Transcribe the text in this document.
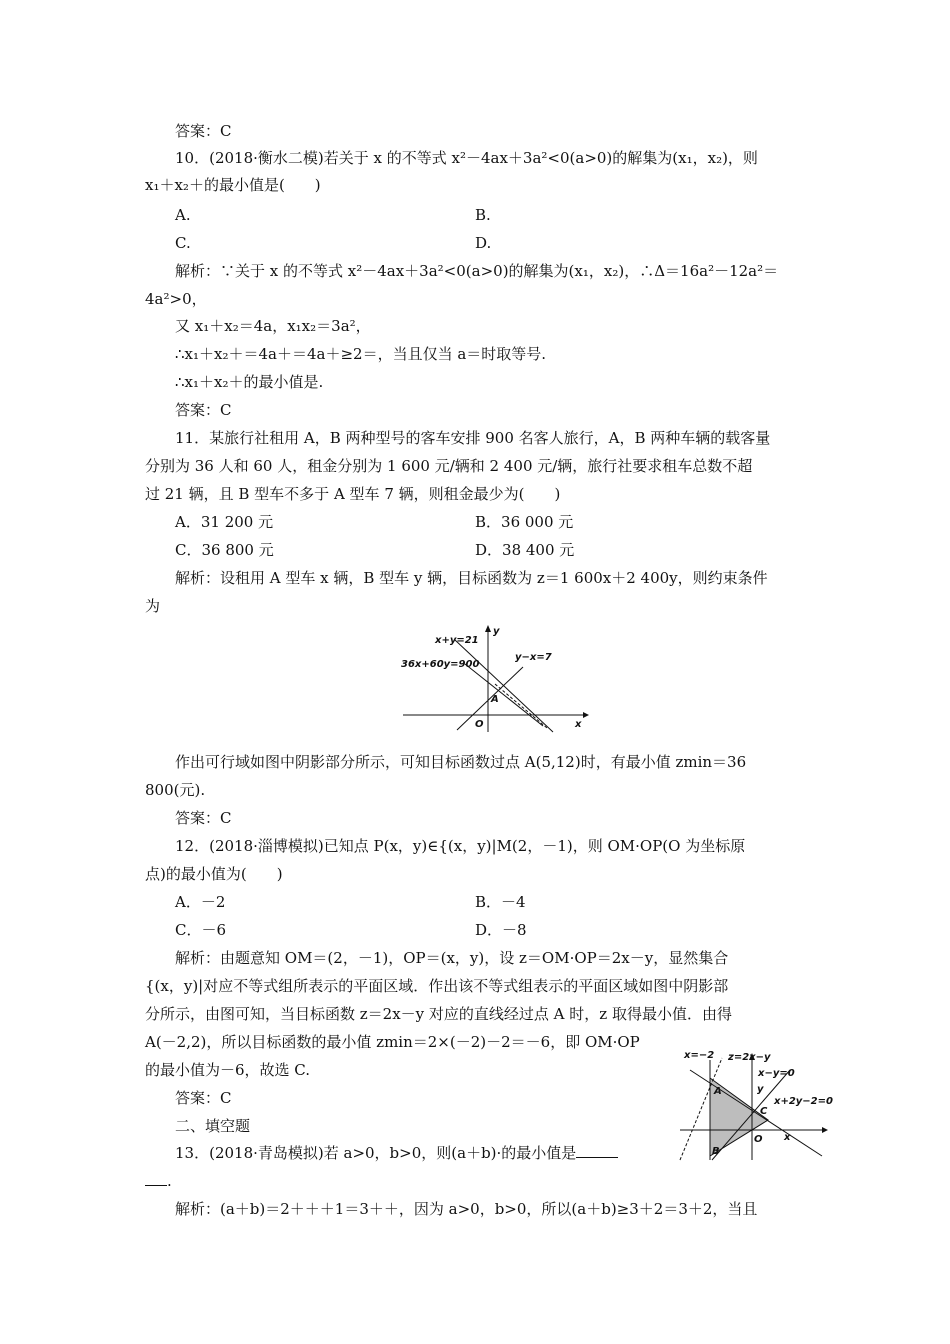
答案：C
10．(2018·衡水二模)若关于 x 的不等式 x²－4ax＋3a²<0(a>0)的解集为(x₁，x₂)，则
x₁＋x₂＋的最小值是(　　)
A.	B.
C.	D.
解析：∵关于 x 的不等式 x²－4ax＋3a²<0(a>0)的解集为(x₁，x₂)，∴Δ＝16a²－12a²＝
4a²>0，
又 x₁＋x₂＝4a，x₁x₂＝3a²，
∴x₁＋x₂＋＝4a＋＝4a＋≥2＝，当且仅当 a＝时取等号.
∴x₁＋x₂＋的最小值是.
答案：C
11．某旅行社租用 A，B 两种型号的客车安排 900 名客人旅行，A，B 两种车辆的载客量
分别为 36 人和 60 人，租金分别为 1 600 元/辆和 2 400 元/辆，旅行社要求租车总数不超
过 21 辆，且 B 型车不多于 A 型车 7 辆，则租金最少为(　　)
A．31 200 元	B．36 000 元
C．36 800 元	D．38 400 元
解析：设租用 A 型车 x 辆，B 型车 y 辆，目标函数为 z＝1 600x＋2 400y，则约束条件
为
x+y=21
36x+60y=900
y−x=7
A
O	x
y
作出可行域如图中阴影部分所示，可知目标函数过点 A(5,12)时，有最小值 zmin＝36
800(元).
答案：C
12．(2018·淄博模拟)已知点 P(x，y)∈{(x，y)|M(2，－1)，则 OM·OP(O 为坐标原
点)的最小值为(　　)
A．－2	B．－4
C．－6	D．－8
解析：由题意知 OM＝(2，－1)，OP＝(x，y)，设 z＝OM·OP＝2x－y，显然集合
{(x，y)|对应不等式组所表示的平面区域．作出该不等式组表示的平面区域如图中阴影部
分所示，由图可知，当目标函数 z＝2x－y 对应的直线经过点 A 时，z 取得最小值．由得
A(－2,2)，所以目标函数的最小值 zmin＝2×(－2)－2＝－6，即 OM·OP
的最小值为－6，故选 C.
答案：C
x=−2 z=2x−y
x−y=0
x+2y−2=0
A
B
C
O x
y
二、填空题
13．(2018·青岛模拟)若 a>0，b>0，则(a＋b)·的最小值是
.
解析：(a＋b)＝2＋＋＋1＝3＋＋，因为 a>0，b>0，所以(a＋b)≥3＋2＝3＋2，当且
